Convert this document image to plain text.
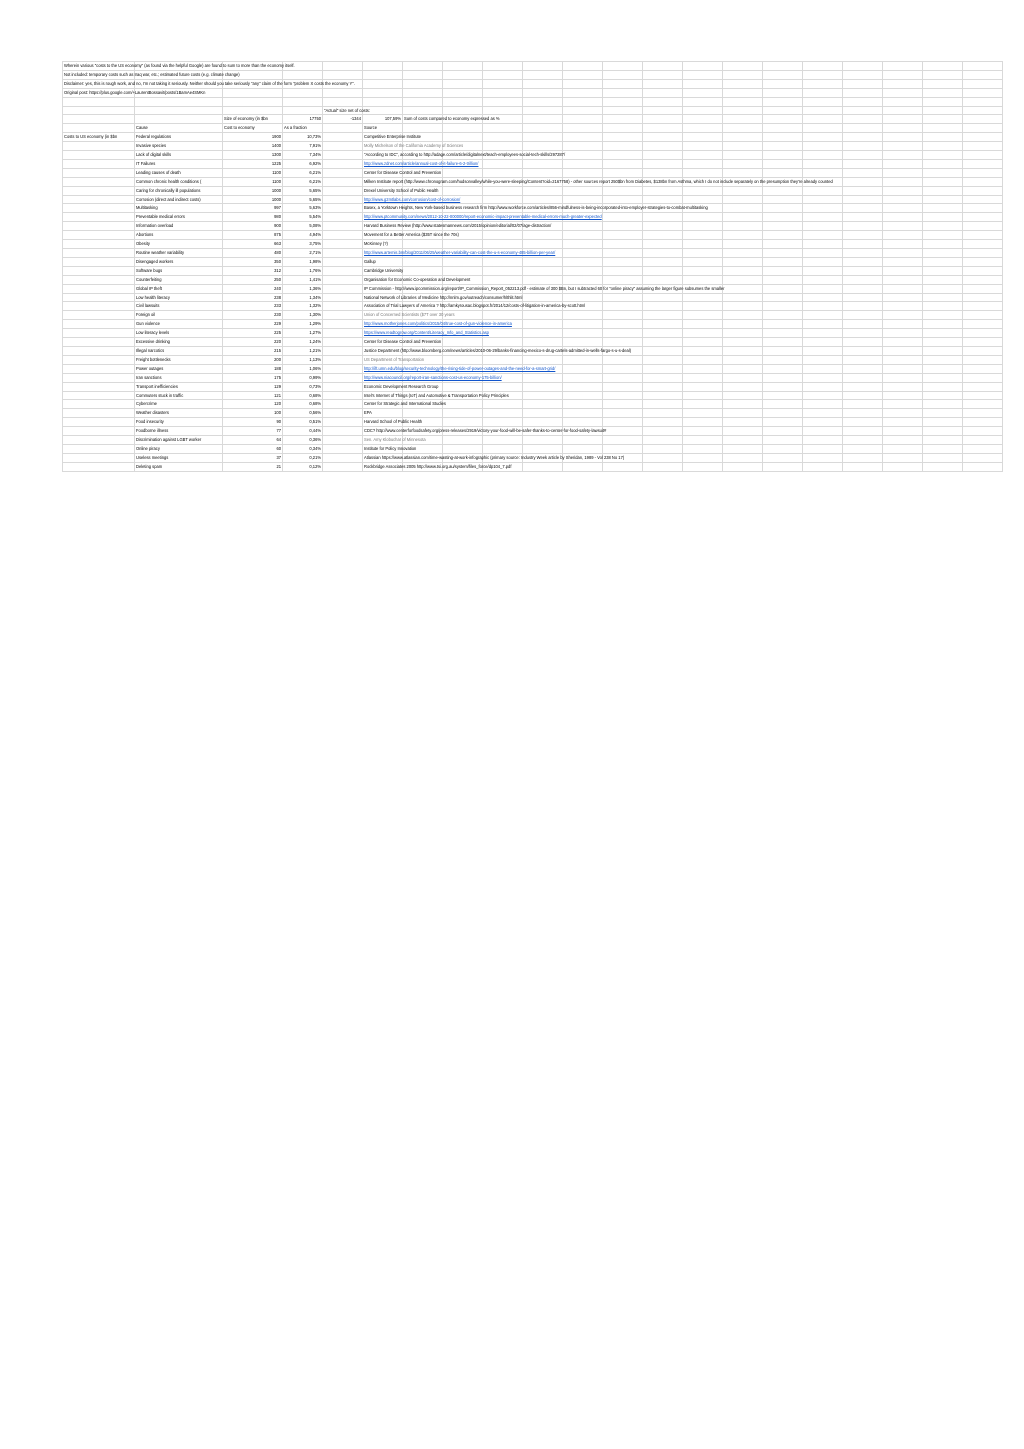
Wherein various "costs to the US economy" (as found via the helpful Google) are found to sum to more than the economy itself.																				
Not included: temporary costs such as Iraq war, etc.; estimated future costs (e.g. climate change)																				
Disclaimer: yes, this is rough work, and no, I'm not taking it seriously. Neither should you take seriously "any" claim of the form "problem X costs the economy Y".																				
Original post: https://plus.google.com/+LaurentBossavit/posts/1BamAe4SMKn																				

				"Actual" size net of costs:																
		Size of economy (in $bn	17750	-1344	107,59%	Sum of costs compared to economy expressed as %														
	Cause	Cost to economy	As a fraction		Source															
Costs to US economy (in $bn	Federal regulations	1900	10,73%		Competitive Enterprise Institute															
	Invasive species	1400	7,91%		Molly Michelson of the California Academy of Sciences															
	Lack of digital skills	1300	7,34%		"According to IDC", according to http://adage.com/article/digitalnext/teach-employees-social-tech-skills/297287/															
	IT Failures	1225	6,92%		http://www.zdnet.com/article/annual-cost-of-it-failure-6-2-trillion/															
	Leading causes of death	1100	6,21%		Center for Disease Control and Prevention															
	Common chronic health conditions (	1100	6,21%		Milken Institute report (http://www.chronogram.com/hudsonvalley/while-you-were-sleeping/Content?oid=2167758) - other sources report 250$bn from Diabetes, $138bn from Asthma, which I do not include separately on the presumption they're already counted															
	Caring for chronically ill populations	1000	5,65%		Drexel University School of Public Health															
	Corrosion (direct and indirect costs)	1000	5,65%		http://www.g2mtlabs.com/corrosion/cost-of-corrosion/															
	Multitasking	997	5,63%		Basex, a Yorktown Heights, New York-based business research firm http://www.workforce.com/articles/856-mindfulness-is-being-incorporated-into-employer-strategies-to-combat-multitasking															
	Preventable medical errors	980	5,54%		http://www.ptcommunity.com/news/2012-10-22-000000/report-economic-impact-preventable-medical-errors-much-greater-expected															
	Information overload	900	5,08%		Harvard Business Review (http://www.statesmannews.com/2015/opinion/editorial/02/07/age-distraction/															
	Abortions	875	4,94%		Movement for a Better America ($35T since the 70s)															
	Obesity	663	3,75%		McKinsey (?)															
	Routine weather variability	480	2,71%		http://www.artemis.bm/blog/2011/06/25/weather-variability-can-cost-the-u-s-economy-485-billion-per-year/															
	Disengaged workers	350	1,98%		Gallup															
	Software bugs	312	1,76%		Cambridge University															
	Counterfeiting	250	1,41%		Organisation for Economic Co-operation and Development															
	Global IP theft	240	1,36%		IP Commission - http://www.ipcommission.org/report/IP_Commission_Report_052213.pdf - estimate of 300 $Bn, but I subtracted 60 for "online piracy" assuming the larger figure subsumes the smaller															
	Low health literacy	238	1,34%		National Network of Libraries of Medicine http://nnlm.gov/outreach/consumer/hlthlit.html															
	Civil lawsuits	233	1,32%		Association of Trial Lawyers of America ? http://amkyrousac.blogspot.fr/2014/12/costs-of-litigation-in-america-by-scott.html															
	Foreign oil	230	1,30%		Union of Concerned Scientists ($7T over 30 years															
	Gun violence	229	1,29%		http://www.motherjones.com/politics/2015/04/true-cost-of-gun-violence-in-america															
	Low literacy levels	225	1,27%		https://www.readtogrow.org/Content/Literacy_Info_and_Statistics.asp															
	Excessive drinking	220	1,24%		Center for Disease Control and Prevention															
	Illegal narcotics	215	1,21%		Justice Department (http://www.bloomberg.com/news/articles/2010-06-29/banks-financing-mexico-s-drug-cartels-admitted-in-wells-fargo-s-u-s-deal)															
	Freight bottlenecks	200	1,13%		US Department of Transportation															
	Power outages	188	1,06%		http://ift.umn.edu/blog/security-technology/the-rising-tide-of-power-outages-and-the-need-for-a-smart-grid/															
	Iran sanctions	175	0,99%		http://www.niacouncil.org/report-iran-sanctions-cost-us-economy-175-billion/															
	Transport inefficiencies	129	0,73%		Economic Development Research Group															
	Commuters stuck in traffic	121	0,68%		Intel's Internet of Things (IoT) and Automotive & Transportation Policy Principles															
	Cybercrime	120	0,68%		Center for Strategic and International Studies															
	Weather disasters	100	0,56%		EPA															
	Food insecurity	90	0,51%		Harvard School of Public Health															
	Foodborne illness	77	0,44%		CDC? http://www.centerforfoodsafety.org/press-releases/2919/victory-your-food-will-be-safer-thanks-to-center-for-food-safety-lawsuit#															
	Discrimination against LGBT worker	64	0,36%		Sen. Amy Klobuchar of Minnesota															
	Online piracy	60	0,34%		Institute for Policy Innovation															
	Useless meetings	37	0,21%		Atlassian https://www.atlassian.com/time-wasting-at-work-infographic (primary source: Industry Week article by Sheridan, 1989 - Vol 238 No 17)															
	Deleting spam	21	0,12%		Rockbridge Associates 2005 http://www.tsi.org.au/system/files_force/dp104_7.pdf															
